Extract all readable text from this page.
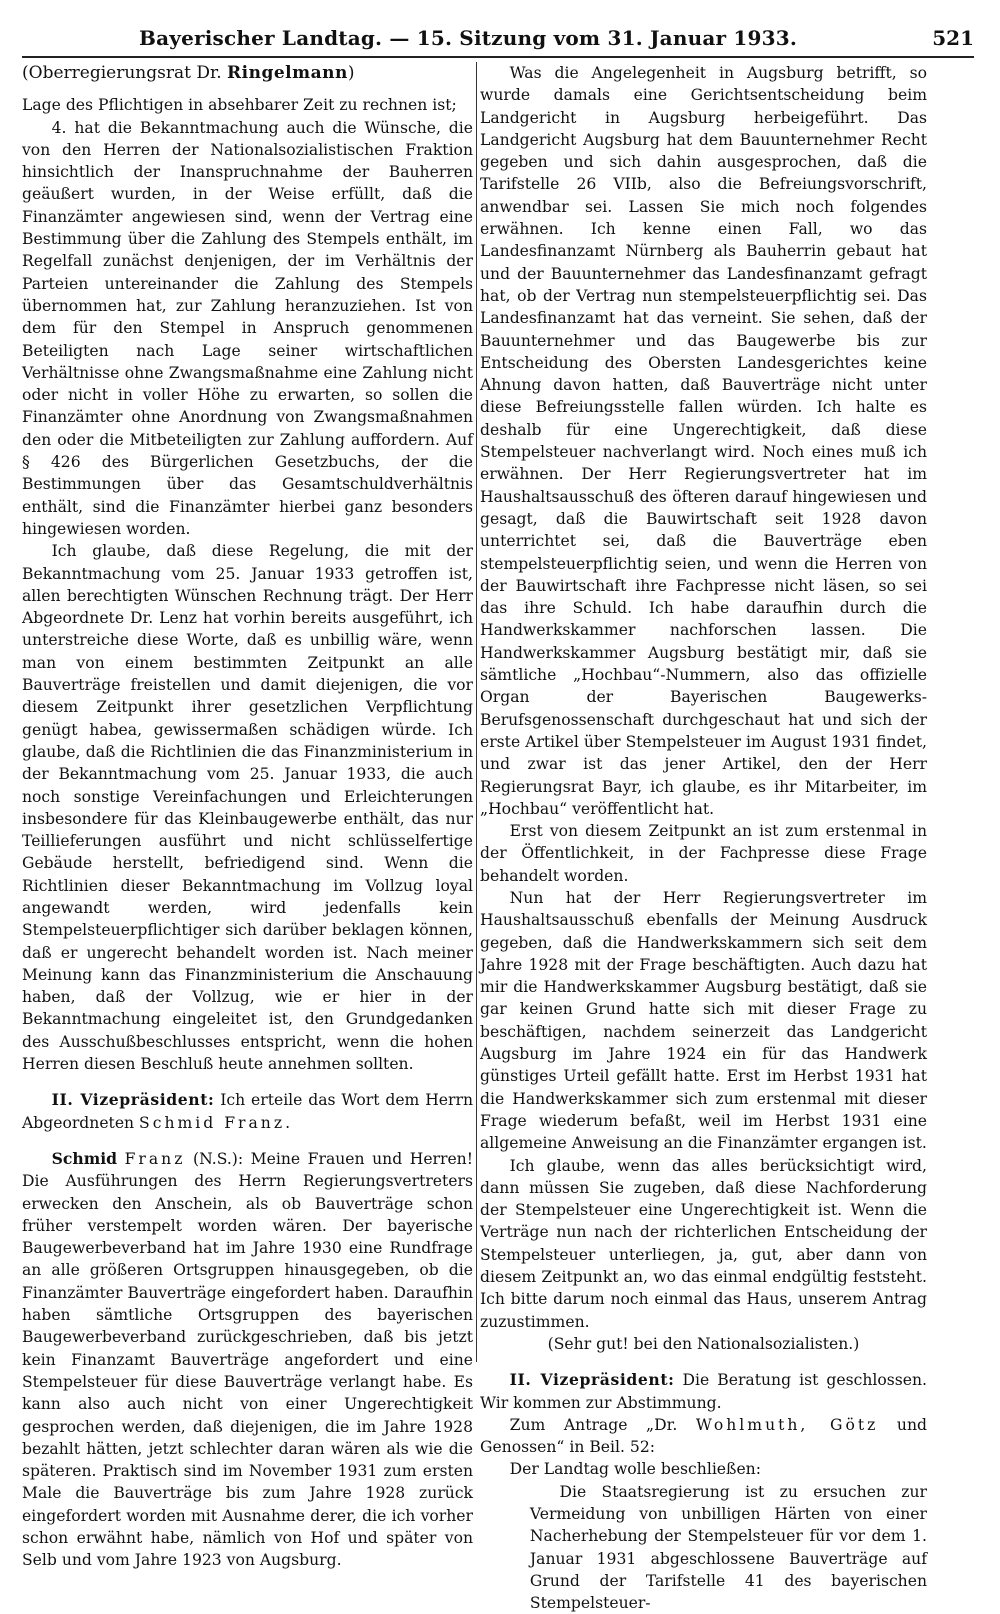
Bayerischer Landtag. — 15. Sitzung vom 31. Januar 1933.	521

(Oberregierungsrat Dr. Ringelmann)

Lage des Pflichtigen in absehbarer Zeit zu rechnen ist;

4. hat die Bekanntmachung auch die Wünsche, die von den Herren der Nationalsozialistischen Fraktion hinsichtlich der Inanspruchnahme der Bauherren geäußert wurden, in der Weise erfüllt, daß die Finanzämter angewiesen sind, wenn der Vertrag eine Bestimmung über die Zahlung des Stempels enthält, im Regelfall zunächst denjenigen, der im Verhältnis der Parteien untereinander die Zahlung des Stempels übernommen hat, zur Zahlung heranzuziehen. Ist von dem für den Stempel in Anspruch genommenen Beteiligten nach Lage seiner wirtschaftlichen Verhältnisse ohne Zwangsmaßnahme eine Zahlung nicht oder nicht in voller Höhe zu erwarten, so sollen die Finanzämter ohne Anordnung von Zwangsmaßnahmen den oder die Mitbeteiligten zur Zahlung auffordern. Auf § 426 des Bürgerlichen Gesetzbuchs, der die Bestimmungen über das Gesamtschuldverhältnis enthält, sind die Finanzämter hierbei ganz besonders hingewiesen worden.

Ich glaube, daß diese Regelung, die mit der Bekanntmachung vom 25. Januar 1933 getroffen ist, allen berechtigten Wünschen Rechnung trägt. Der Herr Abgeordnete Dr. Lenz hat vorhin bereits ausgeführt, ich unterstreiche diese Worte, daß es unbillig wäre, wenn man von einem bestimmten Zeitpunkt an alle Bauverträge freistellen und damit diejenigen, die vor diesem Zeitpunkt ihrer gesetzlichen Verpflichtung genügt habea, gewissermaßen schädigen würde. Ich glaube, daß die Richtlinien die das Finanzministerium in der Bekanntmachung vom 25. Januar 1933, die auch noch sonstige Vereinfachungen und Erleichterungen insbesondere für das Kleinbaugewerbe enthält, das nur Teillieferungen ausführt und nicht schlüsselfertige Gebäude herstellt, befriedigend sind. Wenn die Richtlinien dieser Bekanntmachung im Vollzug loyal angewandt werden, wird jedenfalls kein Stempelsteuerpflichtiger sich darüber beklagen können, daß er ungerecht behandelt worden ist. Nach meiner Meinung kann das Finanzministerium die Anschauung haben, daß der Vollzug, wie er hier in der Bekanntmachung eingeleitet ist, den Grundgedanken des Ausschußbeschlusses entspricht, wenn die hohen Herren diesen Beschluß heute annehmen sollten.

II. Vizepräsident: Ich erteile das Wort dem Herrn Abgeordneten Schmid Franz.

Schmid Franz (N.S.): Meine Frauen und Herren! Die Ausführungen des Herrn Regierungsvertreters erwecken den Anschein, als ob Bauverträge schon früher verstempelt worden wären. Der bayerische Baugewerbeverband hat im Jahre 1930 eine Rundfrage an alle größeren Ortsgruppen hinausgegeben, ob die Finanzämter Bauverträge eingefordert haben. Daraufhin haben sämtliche Ortsgruppen des bayerischen Baugewerbeverband zurückgeschrieben, daß bis jetzt kein Finanzamt Bauverträge angefordert und eine Stempelsteuer für diese Bauverträge verlangt habe. Es kann also auch nicht von einer Ungerechtigkeit gesprochen werden, daß diejenigen, die im Jahre 1928 bezahlt hätten, jetzt schlechter daran wären als wie die späteren. Praktisch sind im November 1931 zum ersten Male die Bauverträge bis zum Jahre 1928 zurück eingefordert worden mit Ausnahme derer, die ich vorher schon erwähnt habe, nämlich von Hof und später von Selb und vom Jahre 1923 von Augsburg.

Was die Angelegenheit in Augsburg betrifft, so wurde damals eine Gerichtsentscheidung beim Landgericht in Augsburg herbeigeführt. Das Landgericht Augsburg hat dem Bauunternehmer Recht gegeben und sich dahin ausgesprochen, daß die Tarifstelle 26 VIIb, also die Befreiungsvorschrift, anwendbar sei. Lassen Sie mich noch folgendes erwähnen. Ich kenne einen Fall, wo das Landesfinanzamt Nürnberg als Bauherrin gebaut hat und der Bauunternehmer das Landesfinanzamt gefragt hat, ob der Vertrag nun stempelsteuerpflichtig sei. Das Landesfinanzamt hat das verneint. Sie sehen, daß der Bauunternehmer und das Baugewerbe bis zur Entscheidung des Obersten Landesgerichtes keine Ahnung davon hatten, daß Bauverträge nicht unter diese Befreiungsstelle fallen würden. Ich halte es deshalb für eine Ungerechtigkeit, daß diese Stempelsteuer nachverlangt wird. Noch eines muß ich erwähnen. Der Herr Regierungsvertreter hat im Haushaltsausschuß des öfteren darauf hingewiesen und gesagt, daß die Bauwirtschaft seit 1928 davon unterrichtet sei, daß die Bauverträge eben stempelsteuerpflichtig seien, und wenn die Herren von der Bauwirtschaft ihre Fachpresse nicht läsen, so sei das ihre Schuld. Ich habe daraufhin durch die Handwerkskammer nachforschen lassen. Die Handwerkskammer Augsburg bestätigt mir, daß sie sämtliche „Hochbau“-Nummern, also das offizielle Organ der Bayerischen Baugewerks-Berufsgenossenschaft durchgeschaut hat und sich der erste Artikel über Stempelsteuer im August 1931 findet, und zwar ist das jener Artikel, den der Herr Regierungsrat Bayr, ich glaube, es ihr Mitarbeiter, im „Hochbau“ veröffentlicht hat.

Erst von diesem Zeitpunkt an ist zum erstenmal in der Öffentlichkeit, in der Fachpresse diese Frage behandelt worden.

Nun hat der Herr Regierungsvertreter im Haushaltsausschuß ebenfalls der Meinung Ausdruck gegeben, daß die Handwerkskammern sich seit dem Jahre 1928 mit der Frage beschäftigten. Auch dazu hat mir die Handwerkskammer Augsburg bestätigt, daß sie gar keinen Grund hatte sich mit dieser Frage zu beschäftigen, nachdem seinerzeit das Landgericht Augsburg im Jahre 1924 ein für das Handwerk günstiges Urteil gefällt hatte. Erst im Herbst 1931 hat die Handwerkskammer sich zum erstenmal mit dieser Frage wiederum befaßt, weil im Herbst 1931 eine allgemeine Anweisung an die Finanzämter ergangen ist.

Ich glaube, wenn das alles berücksichtigt wird, dann müssen Sie zugeben, daß diese Nachforderung der Stempelsteuer eine Ungerechtigkeit ist. Wenn die Verträge nun nach der richterlichen Entscheidung der Stempelsteuer unterliegen, ja, gut, aber dann von diesem Zeitpunkt an, wo das einmal endgültig feststeht. Ich bitte darum noch einmal das Haus, unserem Antrag zuzustimmen.

(Sehr gut! bei den Nationalsozialisten.)

II. Vizepräsident: Die Beratung ist geschlossen. Wir kommen zur Abstimmung.

Zum Antrage „Dr. Wohlmuth, Götz und Genossen“ in Beil. 52:

Der Landtag wolle beschließen:

Die Staatsregierung ist zu ersuchen zur Vermeidung von unbilligen Härten von einer Nacherhebung der Stempelsteuer für vor dem 1. Januar 1931 abgeschlossene Bauverträge auf Grund der Tarifstelle 41 des bayerischen Stempelsteuer-
